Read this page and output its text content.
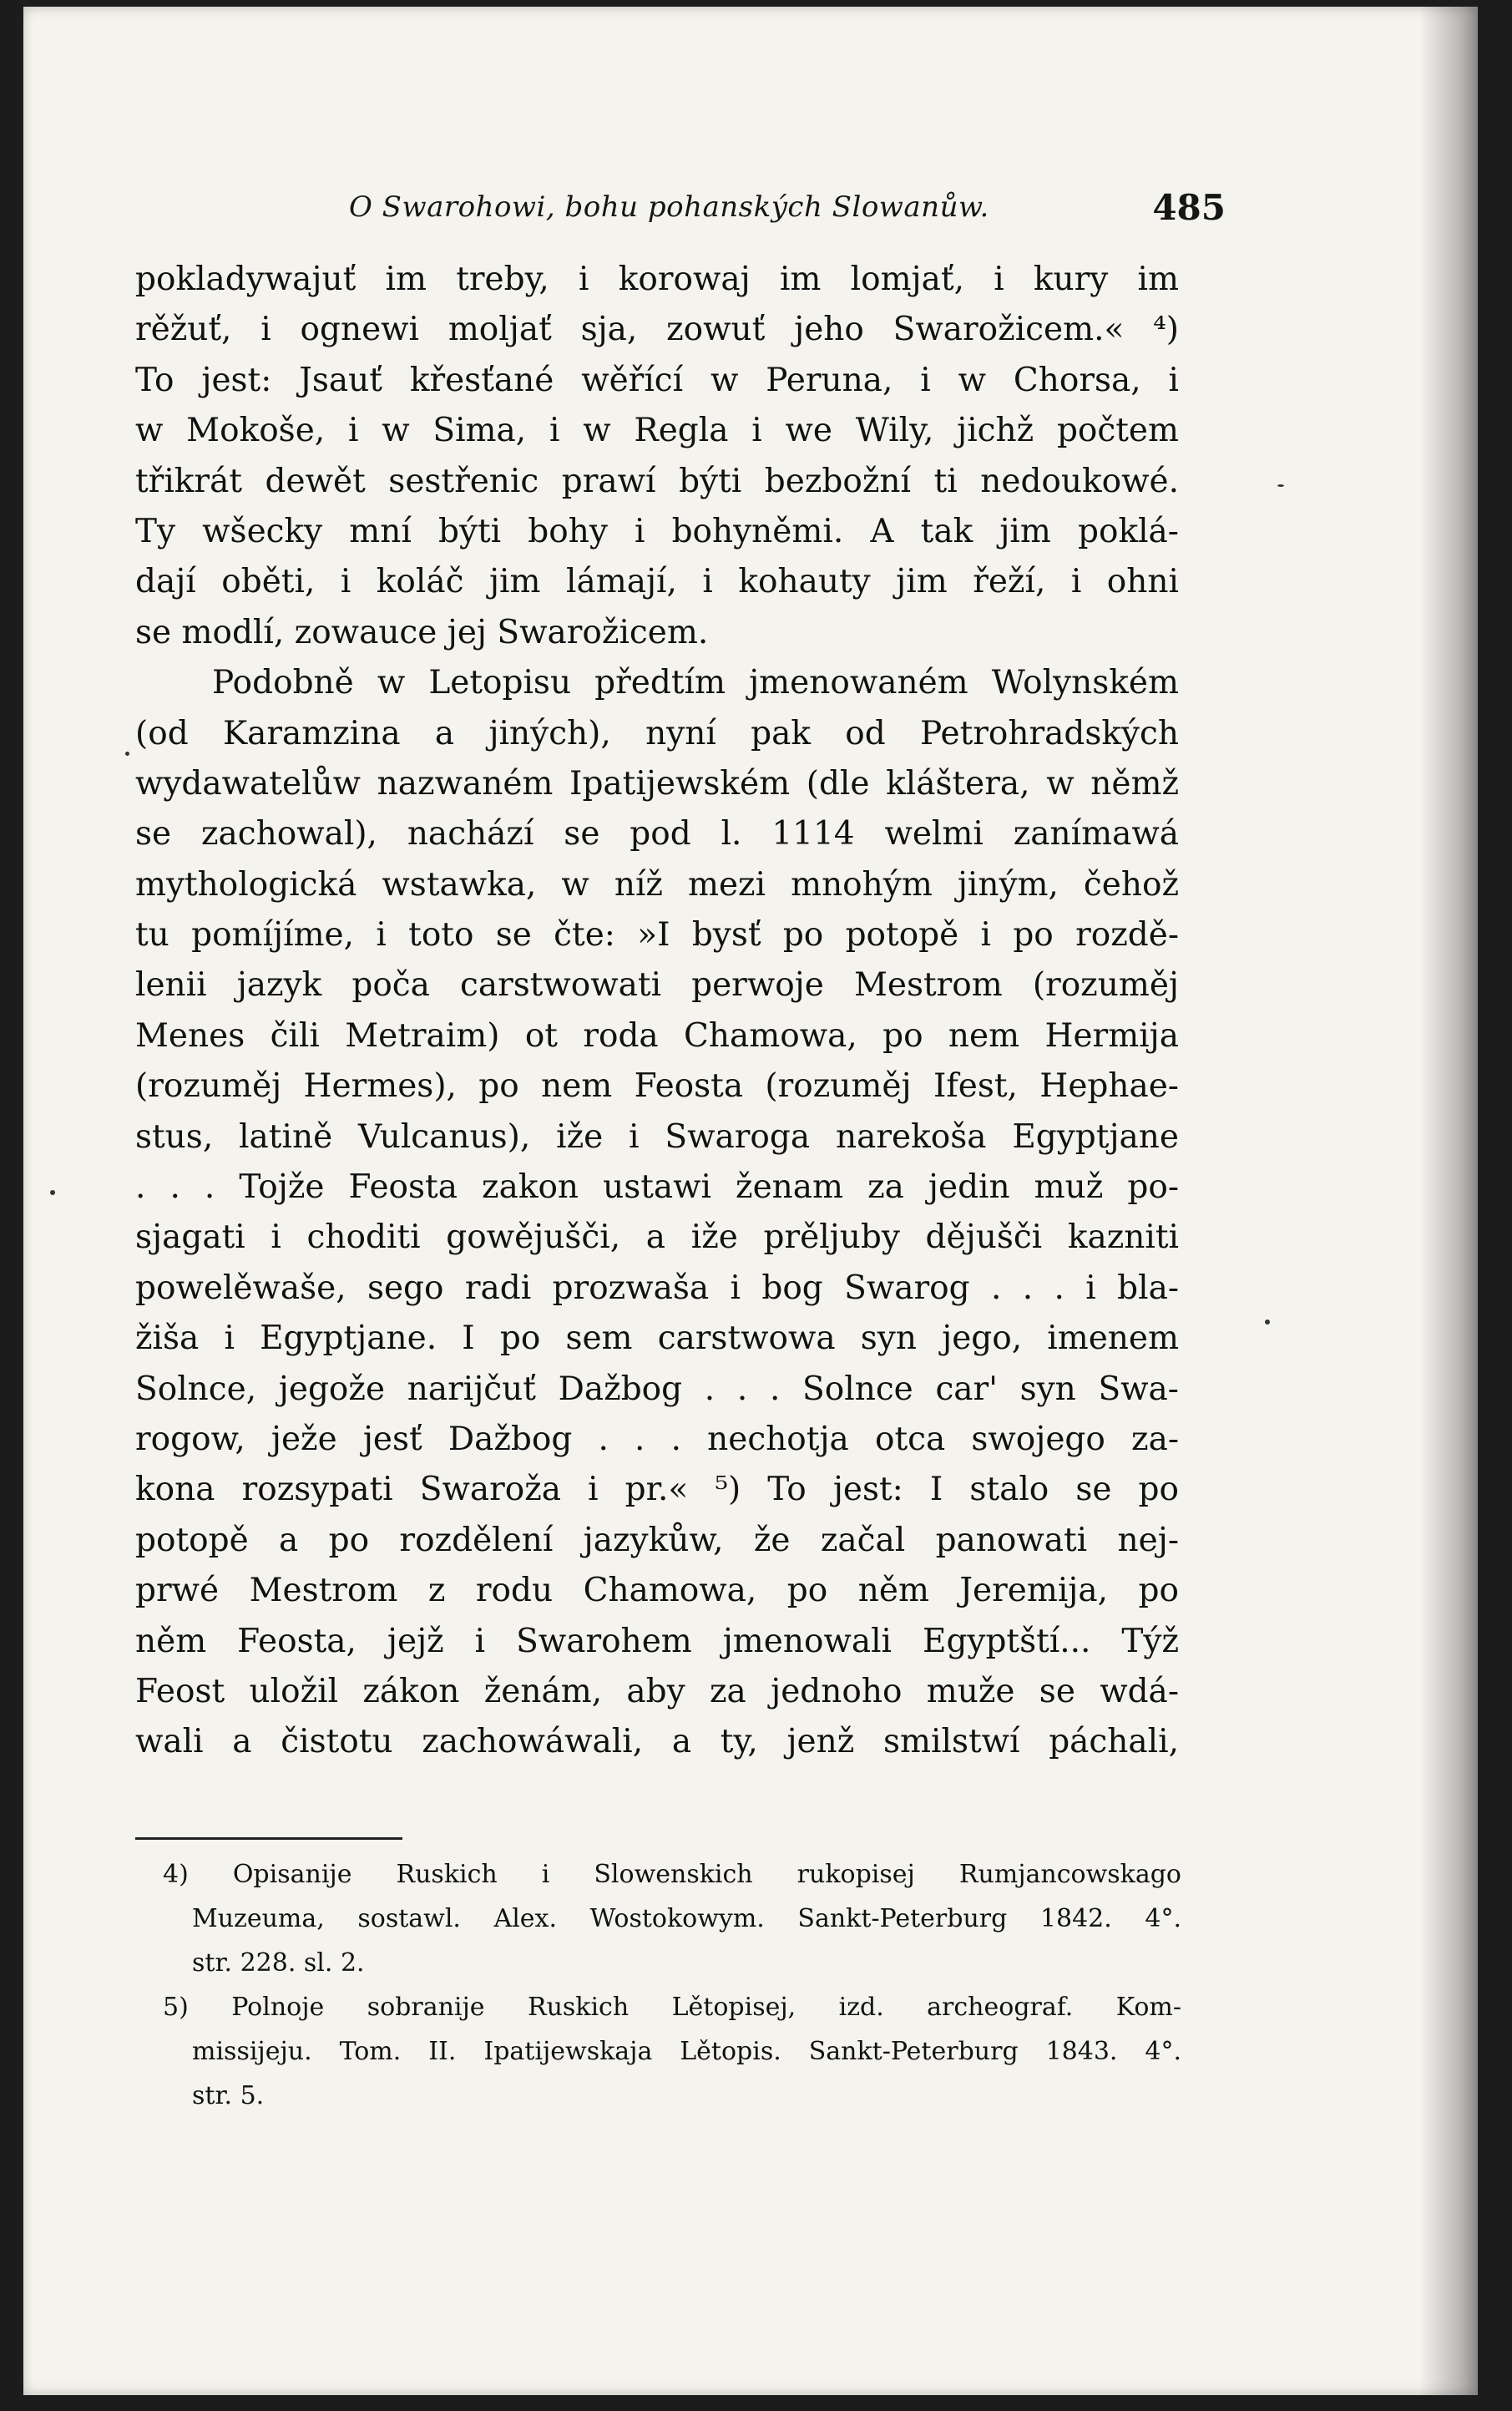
O Swarohowi, bohu pohanských Slowanůw.	485
pokladywajuť im treby, i korowaj im lomjať, i kury im
rěžuť, i ognewi moljať sja, zowuť jeho Swarožicem.« ⁴)
To jest: Jsauť křesťané wěřící w Peruna, i w Chorsa, i
w Mokoše, i w Sima, i w Regla i we Wily, jichž počtem
třikrát dewět sestřenic prawí býti bezbožní ti nedoukowé.
Ty wšecky mní býti bohy i bohyněmi. A tak jim poklá-
dají oběti, i koláč jim lámají, i kohauty jim řeží, i ohni
se modlí, zowauce jej Swarožicem.
Podobně w Letopisu předtím jmenowaném Wolynském
(od Karamzina a jiných), nyní pak od Petrohradských
wydawatelůw nazwaném Ipatijewském (dle kláštera, w němž
se zachowal), nachází se pod l. 1114 welmi zanímawá
mythologická wstawka, w níž mezi mnohým jiným, čehož
tu pomíjíme, i toto se čte: »I bysť po potopě i po rozdě-
lenii jazyk poča carstwowati perwoje Mestrom (rozuměj
Menes čili Metraim) ot roda Chamowa, po nem Hermija
(rozuměj Hermes), po nem Feosta (rozuměj Ifest, Hephae-
stus, latině Vulcanus), iže i Swaroga narekoša Egyptjane
. . . Tojže Feosta zakon ustawi ženam za jedin muž po-
sjagati i choditi gowějušči, a iže prěljuby dějušči kazniti
powelěwaše, sego radi prozwaša i bog Swarog . . . i bla-
žiša i Egyptjane. I po sem carstwowa syn jego, imenem
Solnce, jegože narijčuť Dažbog . . . Solnce car' syn Swa-
rogow, ježe jesť Dažbog . . . nechotja otca swojego za-
kona rozsypati Swaroža i pr.« ⁵) To jest: I stalo se po
potopě a po rozdělení jazykůw, že začal panowati nej-
prwé Mestrom z rodu Chamowa, po něm Jeremija, po
něm Feosta, jejž i Swarohem jmenowali Egyptští... Týž
Feost uložil zákon ženám, aby za jednoho muže se wdá-
wali a čistotu zachowáwali, a ty, jenž smilstwí páchali,
4) Opisanije Ruskich i Slowenskich rukopisej Rumjancowskago
Muzeuma, sostawl. Alex. Wostokowym. Sankt-Peterburg 1842. 4°.
str. 228. sl. 2.
5) Polnoje sobranije Ruskich Lětopisej, izd. archeograf. Kom-
missijeju. Tom. II. Ipatijewskaja Lětopis. Sankt-Peterburg 1843. 4°.
str. 5.
